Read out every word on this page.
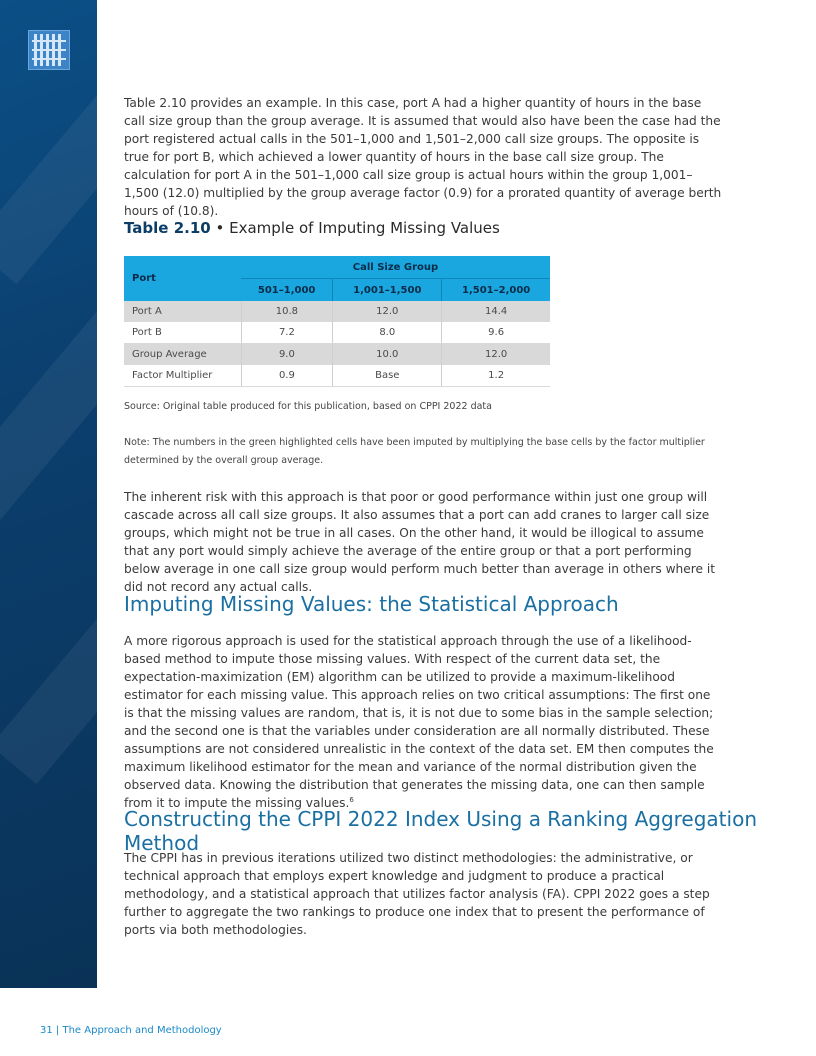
Table 2.10 provides an example. In this case, port A had a higher quantity of hours in the base call size group than the group average. It is assumed that would also have been the case had the port registered actual calls in the 501–1,000 and 1,501–2,000 call size groups. The opposite is true for port B, which achieved a lower quantity of hours in the base call size group. The calculation for port A in the 501–1,000 call size group is actual hours within the group 1,001–1,500 (12.0) multiplied by the group average factor (0.9) for a prorated quantity of average berth hours of (10.8).

Table 2.10 • Example of Imputing Missing Values
Port	Call Size Group		
	501–1,000	1,001–1,500	1,501–2,000
Port A	10.8	12.0	14.4
Port B	7.2	8.0	9.6
Group Average	9.0	10.0	12.0
Factor Multiplier	0.9	Base	1.2
Source: Original table produced for this publication, based on CPPI 2022 data
Note: The numbers in the green highlighted cells have been imputed by multiplying the base cells by the factor multiplier determined by the overall group average.

The inherent risk with this approach is that poor or good performance within just one group will cascade across all call size groups. It also assumes that a port can add cranes to larger call size groups, which might not be true in all cases. On the other hand, it would be illogical to assume that any port would simply achieve the average of the entire group or that a port performing below average in one call size group would perform much better than average in others where it did not record any actual calls.

Imputing Missing Values: the Statistical Approach

A more rigorous approach is used for the statistical approach through the use of a likelihood-based method to impute those missing values. With respect of the current data set, the expectation-maximization (EM) algorithm can be utilized to provide a maximum-likelihood estimator for each missing value. This approach relies on two critical assumptions: The first one is that the missing values are random, that is, it is not due to some bias in the sample selection; and the second one is that the variables under consideration are all normally distributed. These assumptions are not considered unrealistic in the context of the data set. EM then computes the maximum likelihood estimator for the mean and variance of the normal distribution given the observed data. Knowing the distribution that generates the missing data, one can then sample from it to impute the missing values.$^6$

Constructing the CPPI 2022 Index Using a Ranking Aggregation Method

The CPPI has in previous iterations utilized two distinct methodologies: the administrative, or technical approach that employs expert knowledge and judgment to produce a practical methodology, and a statistical approach that utilizes factor analysis (FA). CPPI 2022 goes a step further to aggregate the two rankings to produce one index that to present the performance of ports via both methodologies.

31 | The Approach and Methodology
